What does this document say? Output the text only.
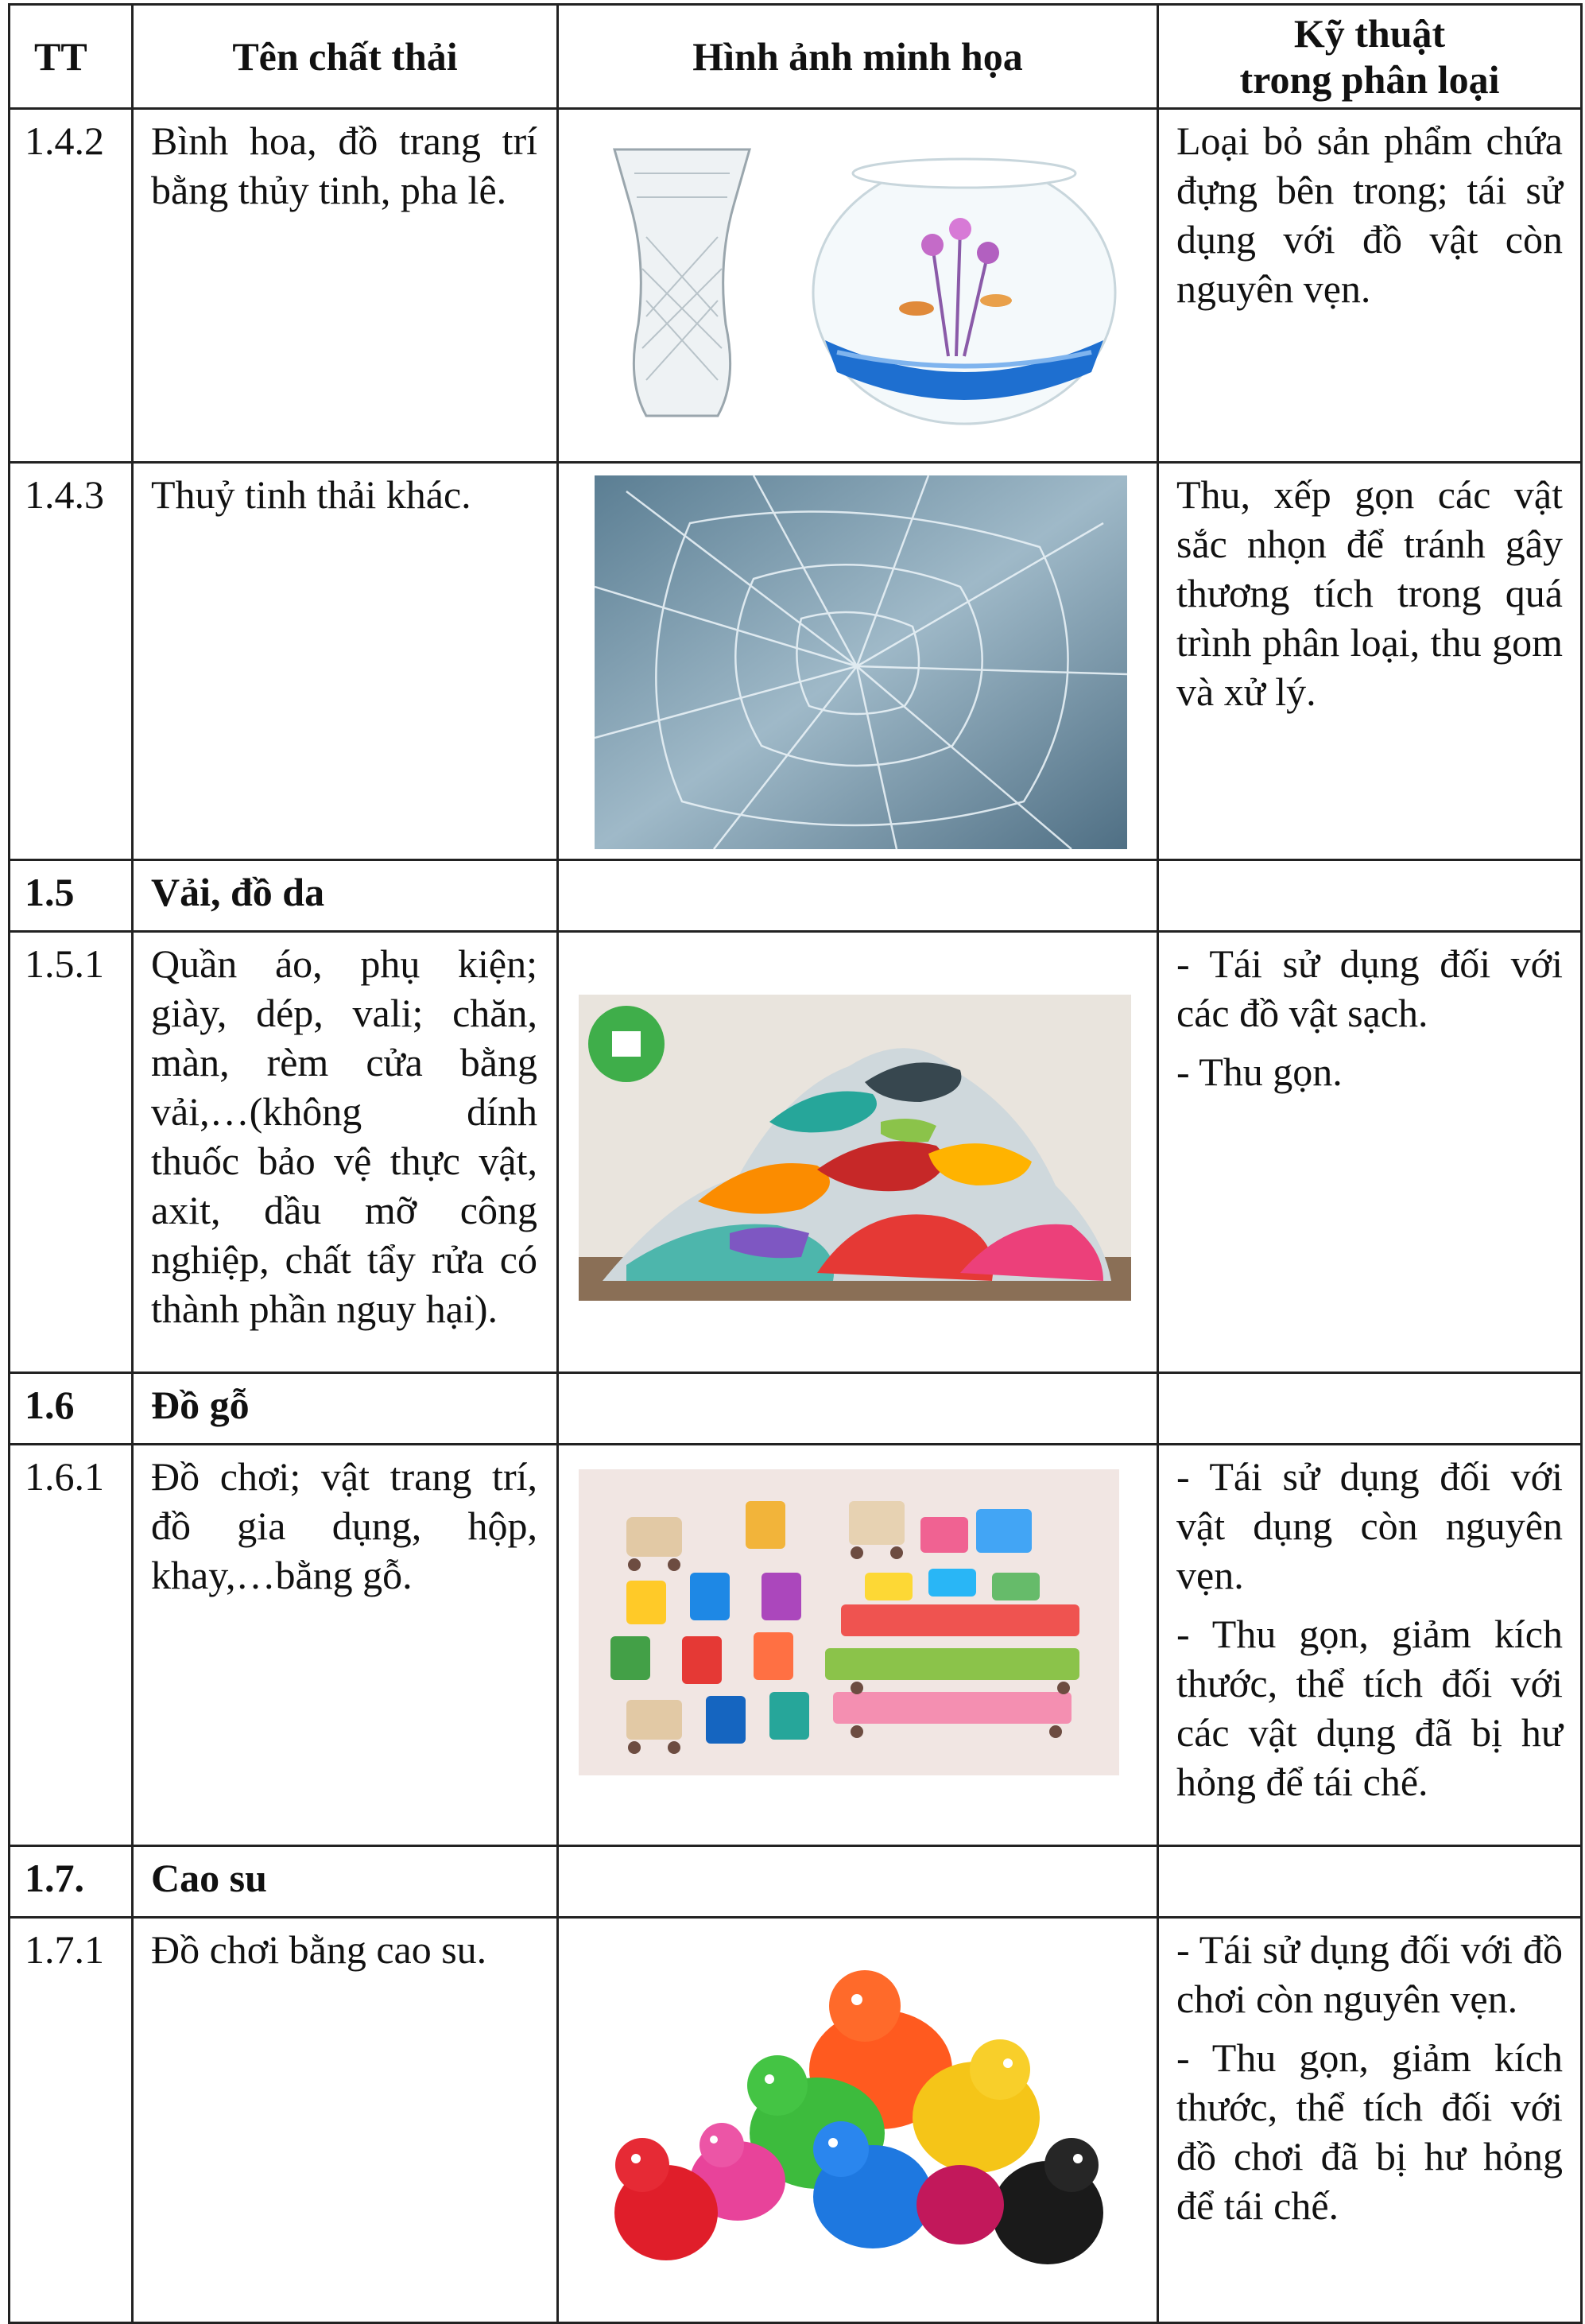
TT	Tên chất thải	Hình ảnh minh họa	Kỹ thuật
trong phân loại

1.4.2	Bình hoa, đồ trang trí bằng thủy tinh, pha lê.		Loại bỏ sản phẩm chứa đựng bên trong; tái sử dụng với đồ vật còn nguyên vẹn.

1.4.3	Thuỷ tinh thải khác.		Thu, xếp gọn các vật sắc nhọn để tránh gây thương tích trong quá trình phân loại, thu gom và xử lý.

1.5	Vải, đồ da		
1.5.1	Quần áo, phụ kiện; giày, dép, vali; chăn, màn, rèm cửa bằng vải,…(không dính thuốc bảo vệ thực vật, axit, dầu mỡ công nghiệp, chất tẩy rửa có thành phần nguy hại).		- Tái sử dụng đối với các đồ vật sạch.

- Thu gọn.

1.6	Đồ gỗ		
1.6.1	Đồ chơi; vật trang trí, đồ gia dụng, hộp, khay,…bằng gỗ.		- Tái sử dụng đối với vật dụng còn nguyên vẹn.

- Thu gọn, giảm kích thước, thể tích đối với các vật dụng đã bị hư hỏng để tái chế.

1.7.	Cao su		
1.7.1	Đồ chơi bằng cao su.		- Tái sử dụng đối với đồ chơi còn nguyên vẹn.

- Thu gọn, giảm kích thước, thể tích đối với đồ chơi đã bị hư hỏng để tái chế.
